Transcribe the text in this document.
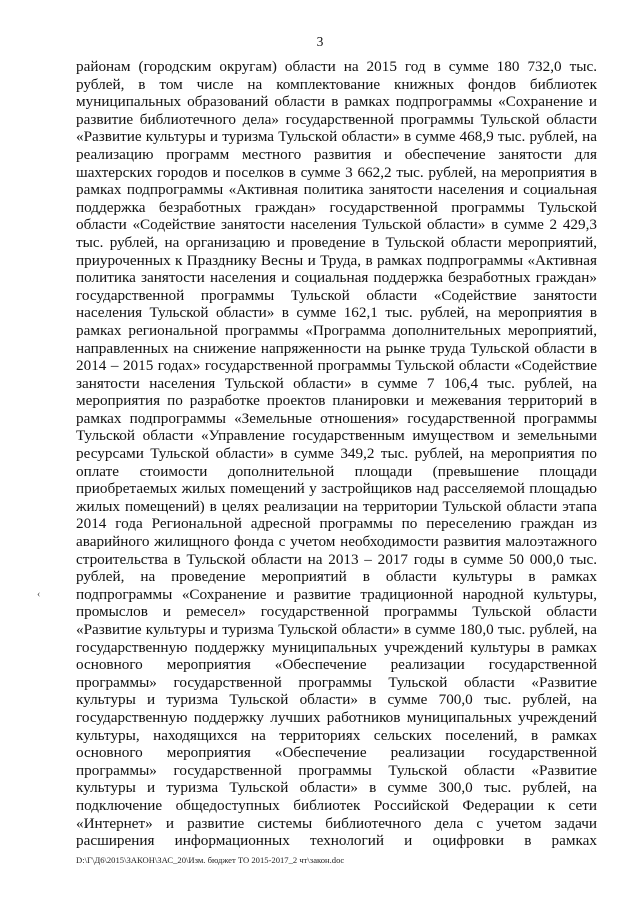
3
районам (городским округам) области на 2015 год в сумме 180 732,0 тыс.
рублей, в том числе на комплектование книжных фондов библиотек
муниципальных образований области в рамках подпрограммы «Сохранение и
развитие библиотечного дела» государственной программы Тульской области
«Развитие культуры и туризма Тульской области» в сумме 468,9 тыс. рублей, на
реализацию программ местного развития и обеспечение занятости для
шахтерских городов и поселков в сумме 3 662,2 тыс. рублей, на мероприятия в
рамках подпрограммы «Активная политика занятости населения и социальная
поддержка безработных граждан» государственной программы Тульской
области «Содействие занятости населения Тульской области» в сумме 2 429,3
тыс. рублей, на организацию и проведение в Тульской области мероприятий,
приуроченных к Празднику Весны и Труда, в рамках подпрограммы «Активная
политика занятости населения и социальная поддержка безработных граждан»
государственной программы Тульской области «Содействие занятости
населения Тульской области» в сумме 162,1 тыс. рублей, на мероприятия в
рамках региональной программы «Программа дополнительных мероприятий,
направленных на снижение напряженности на рынке труда Тульской области в
2014 – 2015 годах» государственной программы Тульской области «Содействие
занятости населения Тульской области» в сумме 7 106,4 тыс. рублей, на
мероприятия по разработке проектов планировки и межевания территорий в
рамках подпрограммы «Земельные отношения» государственной программы
Тульской области «Управление государственным имуществом и земельными
ресурсами Тульской области» в сумме 349,2 тыс. рублей, на мероприятия по
оплате стоимости дополнительной площади (превышение площади
приобретаемых жилых помещений у застройщиков над расселяемой площадью
жилых помещений) в целях реализации на территории Тульской области этапа
2014 года Региональной адресной программы по переселению граждан из
аварийного жилищного фонда с учетом необходимости развития малоэтажного
строительства в Тульской области на 2013 – 2017 годы в сумме 50 000,0 тыс.
рублей, на проведение мероприятий в области культуры в рамках
подпрограммы «Сохранение и развитие традиционной народной культуры,
промыслов и ремесел» государственной программы Тульской области
«Развитие культуры и туризма Тульской области» в сумме 180,0 тыс. рублей, на
государственную поддержку муниципальных учреждений культуры в рамках
основного мероприятия «Обеспечение реализации государственной
программы» государственной программы Тульской области «Развитие
культуры и туризма Тульской области» в сумме 700,0 тыс. рублей, на
государственную поддержку лучших работников муниципальных учреждений
культуры, находящихся на территориях сельских поселений, в рамках
основного мероприятия «Обеспечение реализации государственной
программы» государственной программы Тульской области «Развитие
культуры и туризма Тульской области» в сумме 300,0 тыс. рублей, на
подключение общедоступных библиотек Российской Федерации к сети
«Интернет» и развитие системы библиотечного дела с учетом задачи
расширения информационных технологий и оцифровки в рамках
‹
D:\Г\Д6\2015\ЗАКОН\ЗАС_20\Изм. бюджет ТО 2015-2017_2 чт\закон.doc
